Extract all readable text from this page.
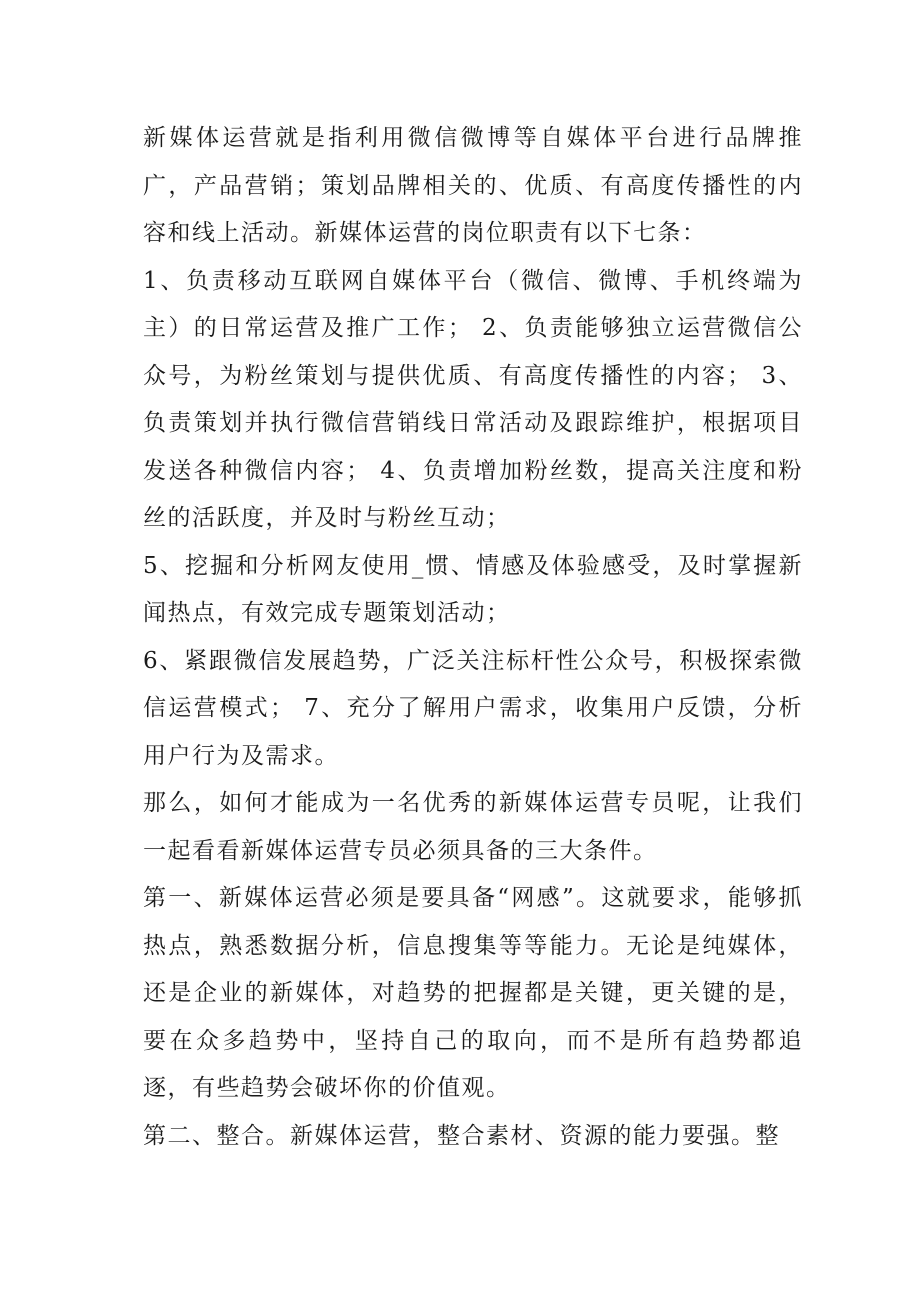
新媒体运营就是指利用微信微博等自媒体平台进行品牌推广，产品营销；策划品牌相关的、优质、有高度传播性的内容和线上活动。新媒体运营的岗位职责有以下七条：

1、负责移动互联网自媒体平台（微信、微博、手机终端为主）的日常运营及推广工作； 2、负责能够独立运营微信公众号，为粉丝策划与提供优质、有高度传播性的内容； 3、负责策划并执行微信营销线日常活动及跟踪维护，根据项目发送各种微信内容； 4、负责增加粉丝数，提高关注度和粉丝的活跃度，并及时与粉丝互动；

5、挖掘和分析网友使用_惯、情感及体验感受，及时掌握新闻热点，有效完成专题策划活动；

6、紧跟微信发展趋势，广泛关注标杆性公众号，积极探索微信运营模式； 7、充分了解用户需求，收集用户反馈，分析用户行为及需求。

那么，如何才能成为一名优秀的新媒体运营专员呢，让我们一起看看新媒体运营专员必须具备的三大条件。

第一、新媒体运营必须是要具备“网感”。这就要求，能够抓热点，熟悉数据分析，信息搜集等等能力。无论是纯媒体，还是企业的新媒体，对趋势的把握都是关键，更关键的是，要在众多趋势中，坚持自己的取向，而不是所有趋势都追逐，有些趋势会破坏你的价值观。

第二、整合。新媒体运营，整合素材、资源的能力要强。整
